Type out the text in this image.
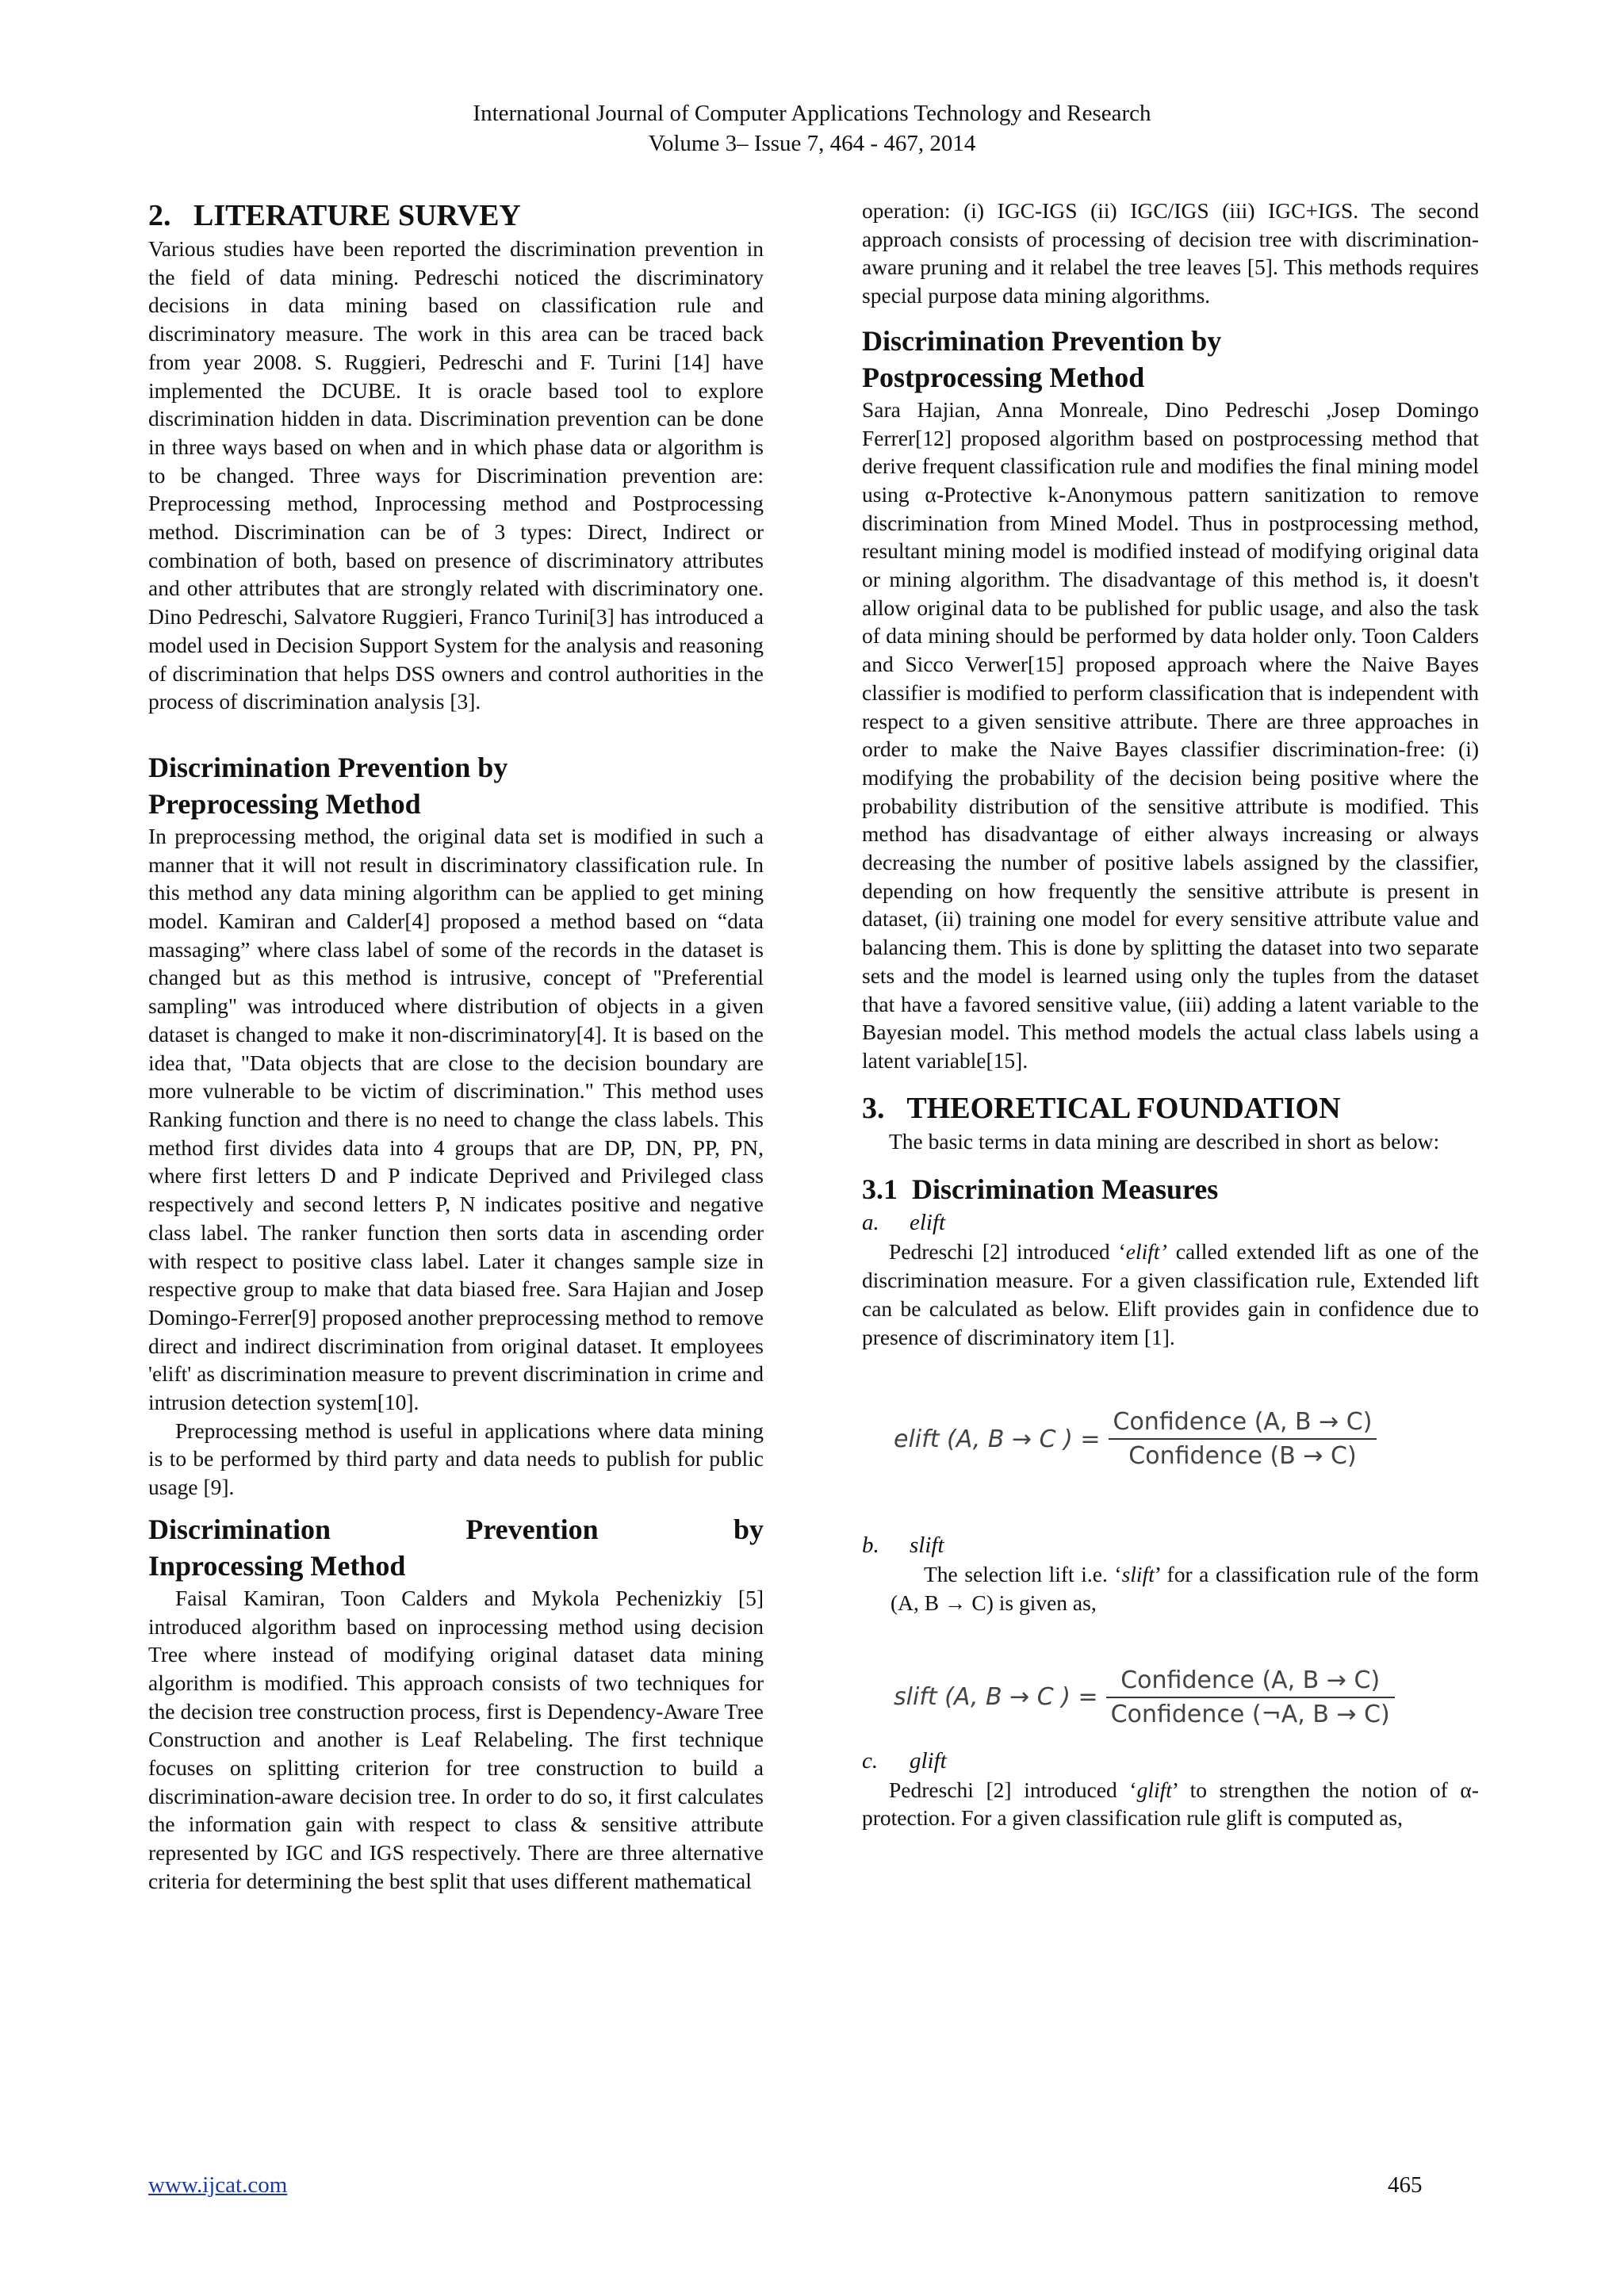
International Journal of Computer Applications Technology and Research
Volume 3– Issue 7, 464 - 467, 2014
2.   LITERATURE SURVEY

Various studies have been reported the discrimination prevention in the field of data mining. Pedreschi noticed the discriminatory decisions in data mining based on classification rule and discriminatory measure. The work in this area can be traced back from year 2008. S. Ruggieri, Pedreschi and F. Turini [14] have implemented the DCUBE. It is oracle based tool to explore discrimination hidden in data. Discrimination prevention can be done in three ways based on when and in which phase data or algorithm is to be changed. Three ways for Discrimination prevention are: Preprocessing method, Inprocessing method and Postprocessing method. Discrimination can be of 3 types: Direct, Indirect or combination of both, based on presence of discriminatory attributes and other attributes that are strongly related with discriminatory one. Dino Pedreschi, Salvatore Ruggieri, Franco Turini[3] has introduced a model used in Decision Support System for the analysis and reasoning of discrimination that helps DSS owners and control authorities in the process of discrimination analysis [3].

Discrimination Prevention by
Preprocessing Method

In preprocessing method, the original data set is modified in such a manner that it will not result in discriminatory classification rule. In this method any data mining algorithm can be applied to get mining model. Kamiran and Calder[4] proposed a method based on “data massaging” where class label of some of the records in the dataset is changed but as this method is intrusive, concept of "Preferential sampling" was introduced where distribution of objects in a given dataset is changed to make it non-discriminatory[4]. It is based on the idea that, "Data objects that are close to the decision boundary are more vulnerable to be victim of discrimination." This method uses Ranking function and there is no need to change the class labels. This method first divides data into 4 groups that are DP, DN, PP, PN, where first letters D and P indicate Deprived and Privileged class respectively and second letters P, N indicates positive and negative class label. The ranker function then sorts data in ascending order with respect to positive class label. Later it changes sample size in respective group to make that data biased free. Sara Hajian and Josep Domingo-Ferrer[9] proposed another preprocessing method to remove direct and indirect discrimination from original dataset. It employees 'elift' as discrimination measure to prevent discrimination in crime and intrusion detection system[10].

Preprocessing method is useful in applications where data mining is to be performed by third party and data needs to publish for public usage [9].

Discrimination Prevention by
Inprocessing Method

Faisal Kamiran, Toon Calders and Mykola Pechenizkiy [5] introduced algorithm based on inprocessing method using decision Tree where instead of modifying original dataset data mining algorithm is modified. This approach consists of two techniques for the decision tree construction process, first is Dependency-Aware Tree Construction and another is Leaf Relabeling. The first technique focuses on splitting criterion for tree construction to build a discrimination-aware decision tree. In order to do so, it first calculates the information gain with respect to class & sensitive attribute represented by IGC and IGS respectively. There are three alternative criteria for determining the best split that uses different mathematical

operation: (i) IGC-IGS (ii) IGC/IGS (iii) IGC+IGS. The second approach consists of processing of decision tree with discrimination-aware pruning and it relabel the tree leaves [5]. This methods requires special purpose data mining algorithms.

Discrimination Prevention by
Postprocessing Method

Sara Hajian, Anna Monreale, Dino Pedreschi ,Josep Domingo Ferrer[12] proposed algorithm based on postprocessing method that derive frequent classification rule and modifies the final mining model using α-Protective k-Anonymous pattern sanitization to remove discrimination from Mined Model. Thus in postprocessing method, resultant mining model is modified instead of modifying original data or mining algorithm. The disadvantage of this method is, it doesn't allow original data to be published for public usage, and also the task of data mining should be performed by data holder only. Toon Calders and Sicco Verwer[15] proposed approach where the Naive Bayes classifier is modified to perform classification that is independent with respect to a given sensitive attribute. There are three approaches in order to make the Naive Bayes classifier discrimination-free: (i) modifying the probability of the decision being positive where the probability distribution of the sensitive attribute is modified. This method has disadvantage of either always increasing or always decreasing the number of positive labels assigned by the classifier, depending on how frequently the sensitive attribute is present in dataset, (ii) training one model for every sensitive attribute value and balancing them. This is done by splitting the dataset into two separate sets and the model is learned using only the tuples from the dataset that have a favored sensitive value, (iii) adding a latent variable to the Bayesian model. This method models the actual class labels using a latent variable[15].

3.   THEORETICAL FOUNDATION

The basic terms in data mining are described in short as below:

3.1  Discrimination Measures

a. elift

Pedreschi [2] introduced ‘elift’ called extended lift as one of the discrimination measure. For a given classification rule, Extended lift can be calculated as below. Elift provides gain in confidence due to presence of discriminatory item [1].

elift (A, B → C ) = $\frac{\text{Confidence (A, B → C)}}{\text{Confidence (B → C)}}$

b. slift

The selection lift i.e. ‘slift’ for a classification rule of the form (A, B → C) is given as,

slift (A, B → C ) = $\frac{\text{Confidence (A, B → C)}}{\text{Confidence (¬A, B → C)}}$

c. glift

Pedreschi [2] introduced ‘glift’ to strengthen the notion of α-protection. For a given classification rule glift is computed as,

www.ijcat.com	465
